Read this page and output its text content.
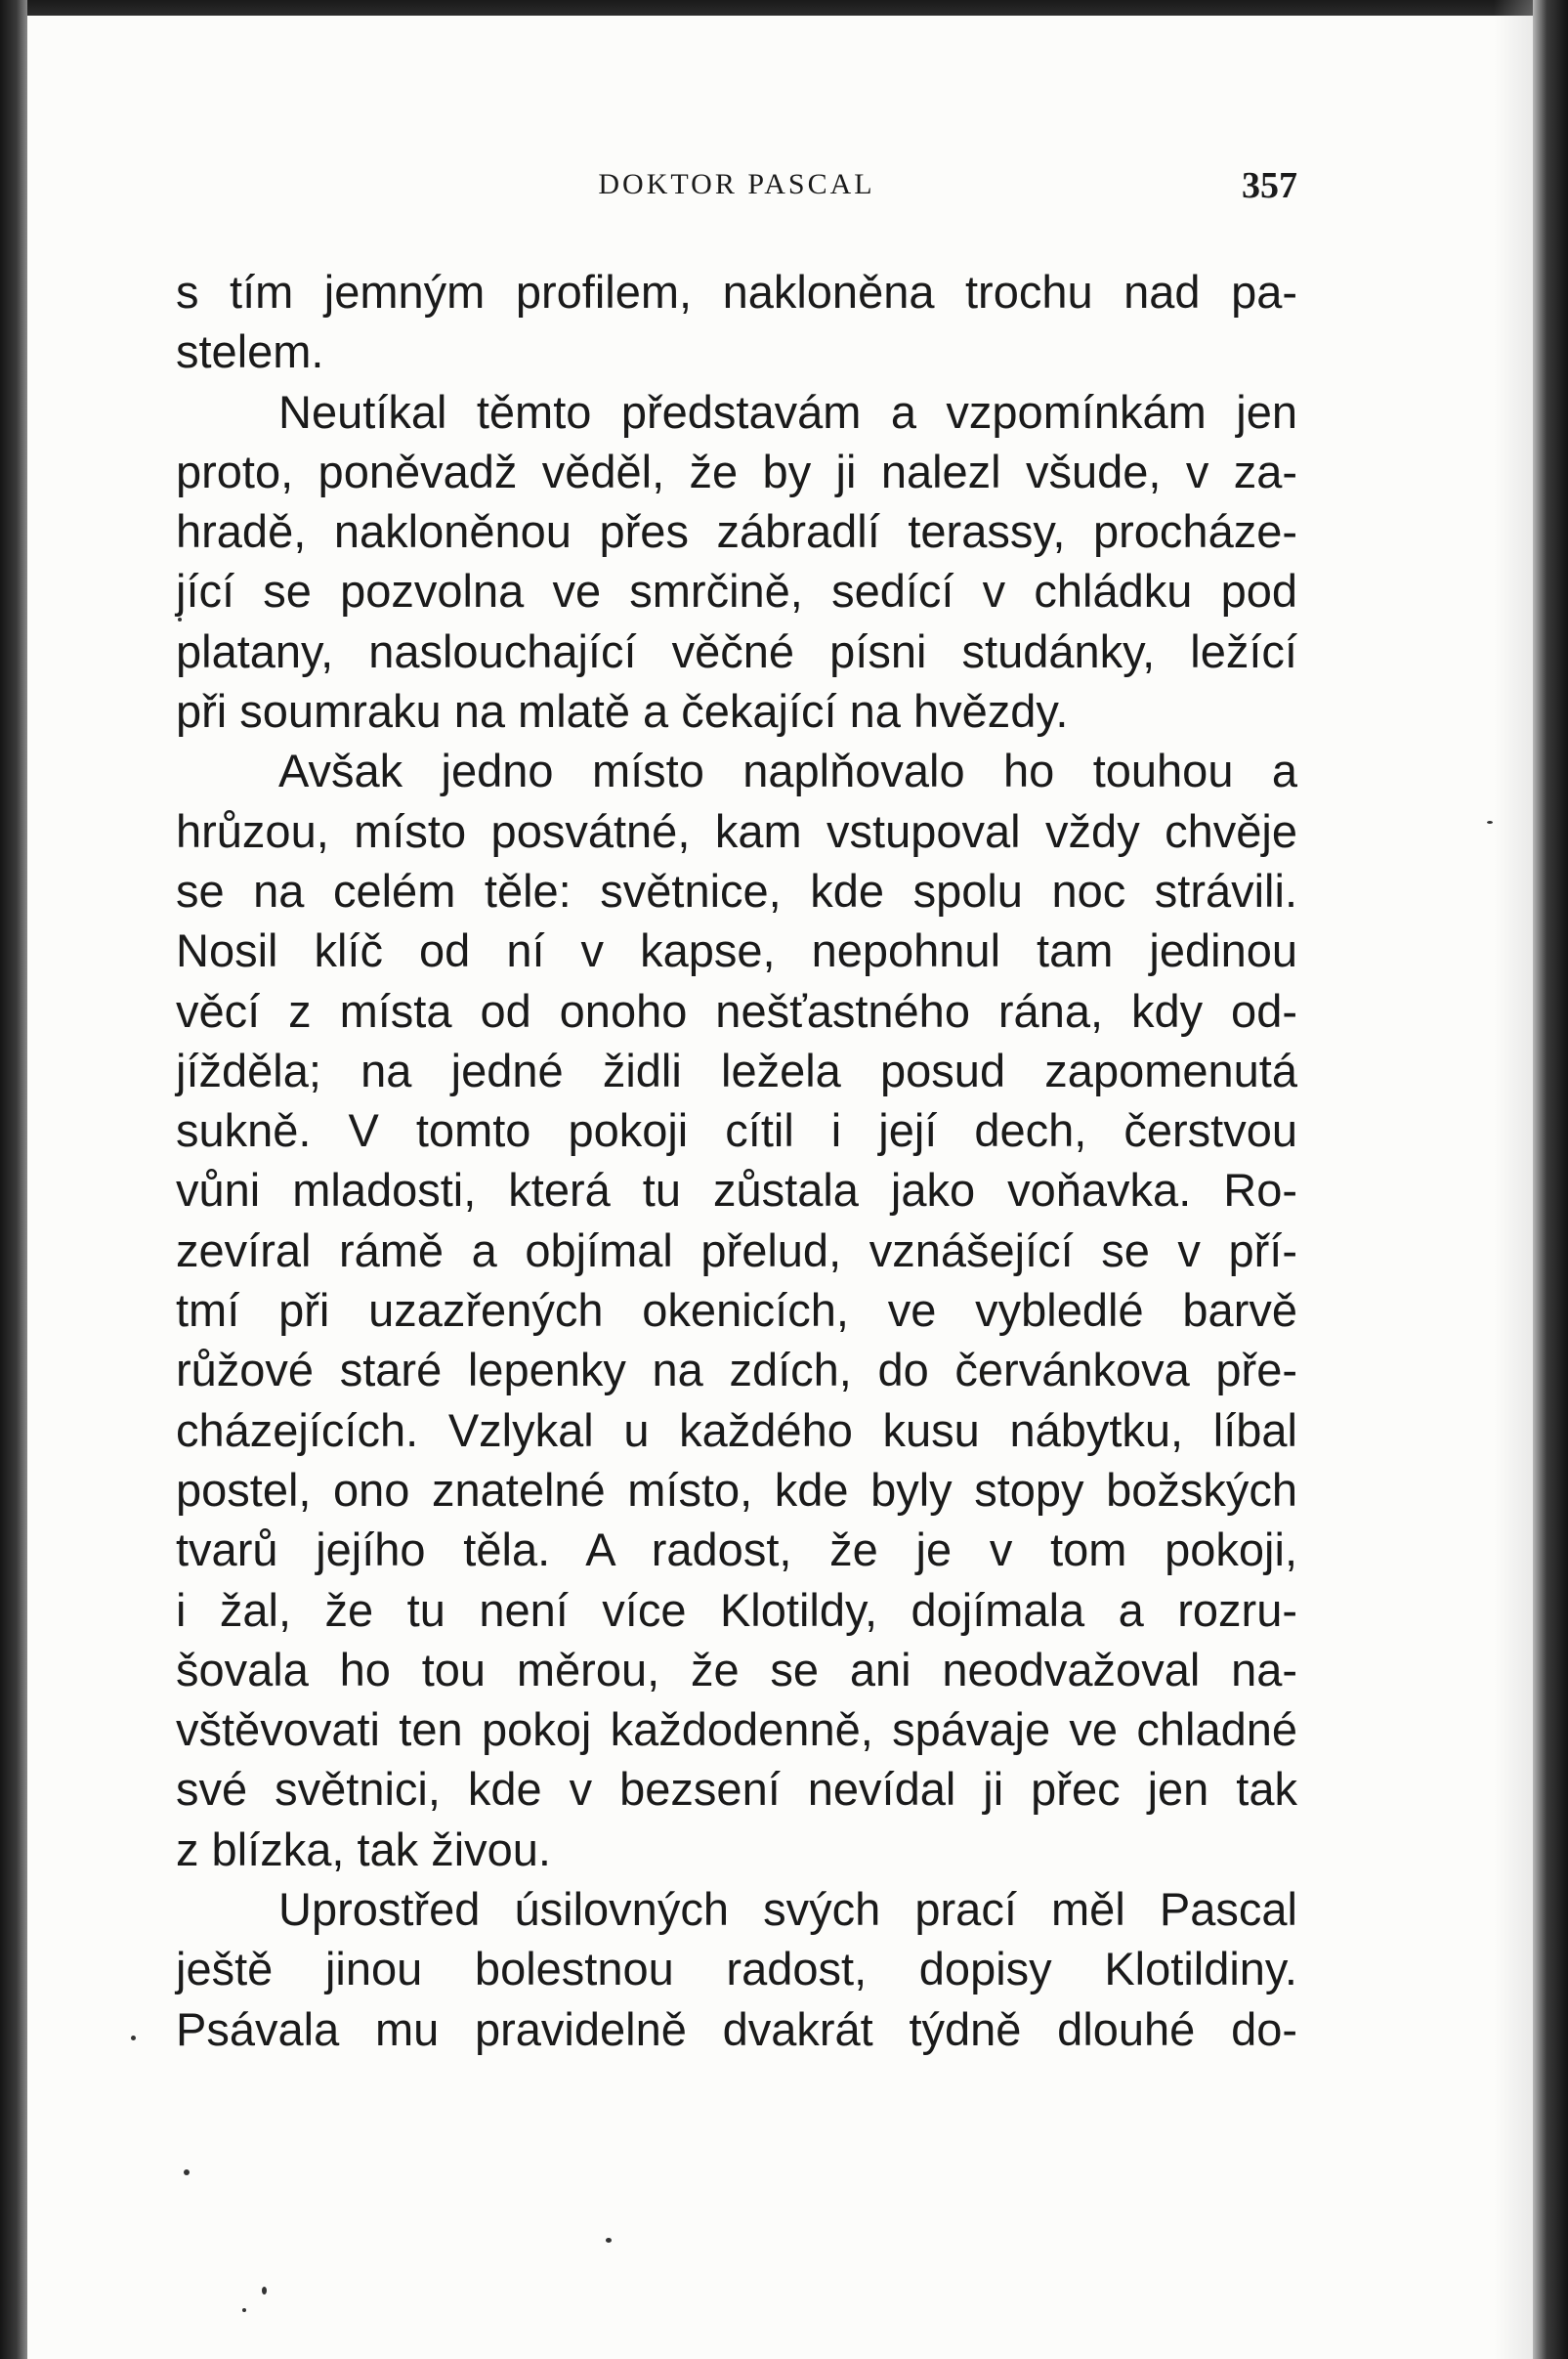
DOKTOR PASCAL	357
s tím jemným profilem, nakloněna trochu nad pa-
stelem.
Neutíkal těmto představám a vzpomínkám jen
proto, poněvadž věděl, že by ji nalezl všude, v za-
hradě, nakloněnou přes zábradlí terassy, procháze-
jící se pozvolna ve smrčině, sedící v chládku pod
platany, naslouchající věčné písni studánky, ležící
při soumraku na mlatě a čekající na hvězdy.
Avšak jedno místo naplňovalo ho touhou a
hrůzou, místo posvátné, kam vstupoval vždy chvěje
se na celém těle: světnice, kde spolu noc strávili.
Nosil klíč od ní v kapse, nepohnul tam jedinou
věcí z místa od onoho nešťastného rána, kdy od-
jížděla; na jedné židli ležela posud zapomenutá
sukně. V tomto pokoji cítil i její dech, čerstvou
vůni mladosti, která tu zůstala jako voňavka. Ro-
zevíral rámě a objímal přelud, vznášející se v pří-
tmí při uzazřených okenicích, ve vybledlé barvě
růžové staré lepenky na zdích, do červánkova pře-
cházejících. Vzlykal u každého kusu nábytku, líbal
postel, ono znatelné místo, kde byly stopy božských
tvarů jejího těla. A radost, že je v tom pokoji,
i žal, že tu není více Klotildy, dojímala a rozru-
šovala ho tou měrou, že se ani neodvažoval na-
vštěvovati ten pokoj každodenně, spávaje ve chladné
své světnici, kde v bezsení nevídal ji přec jen tak
z blízka, tak živou.
Uprostřed úsilovných svých prací měl Pascal
ještě jinou bolestnou radost, dopisy Klotildiny.
Psávala mu pravidelně dvakrát týdně dlouhé do-
